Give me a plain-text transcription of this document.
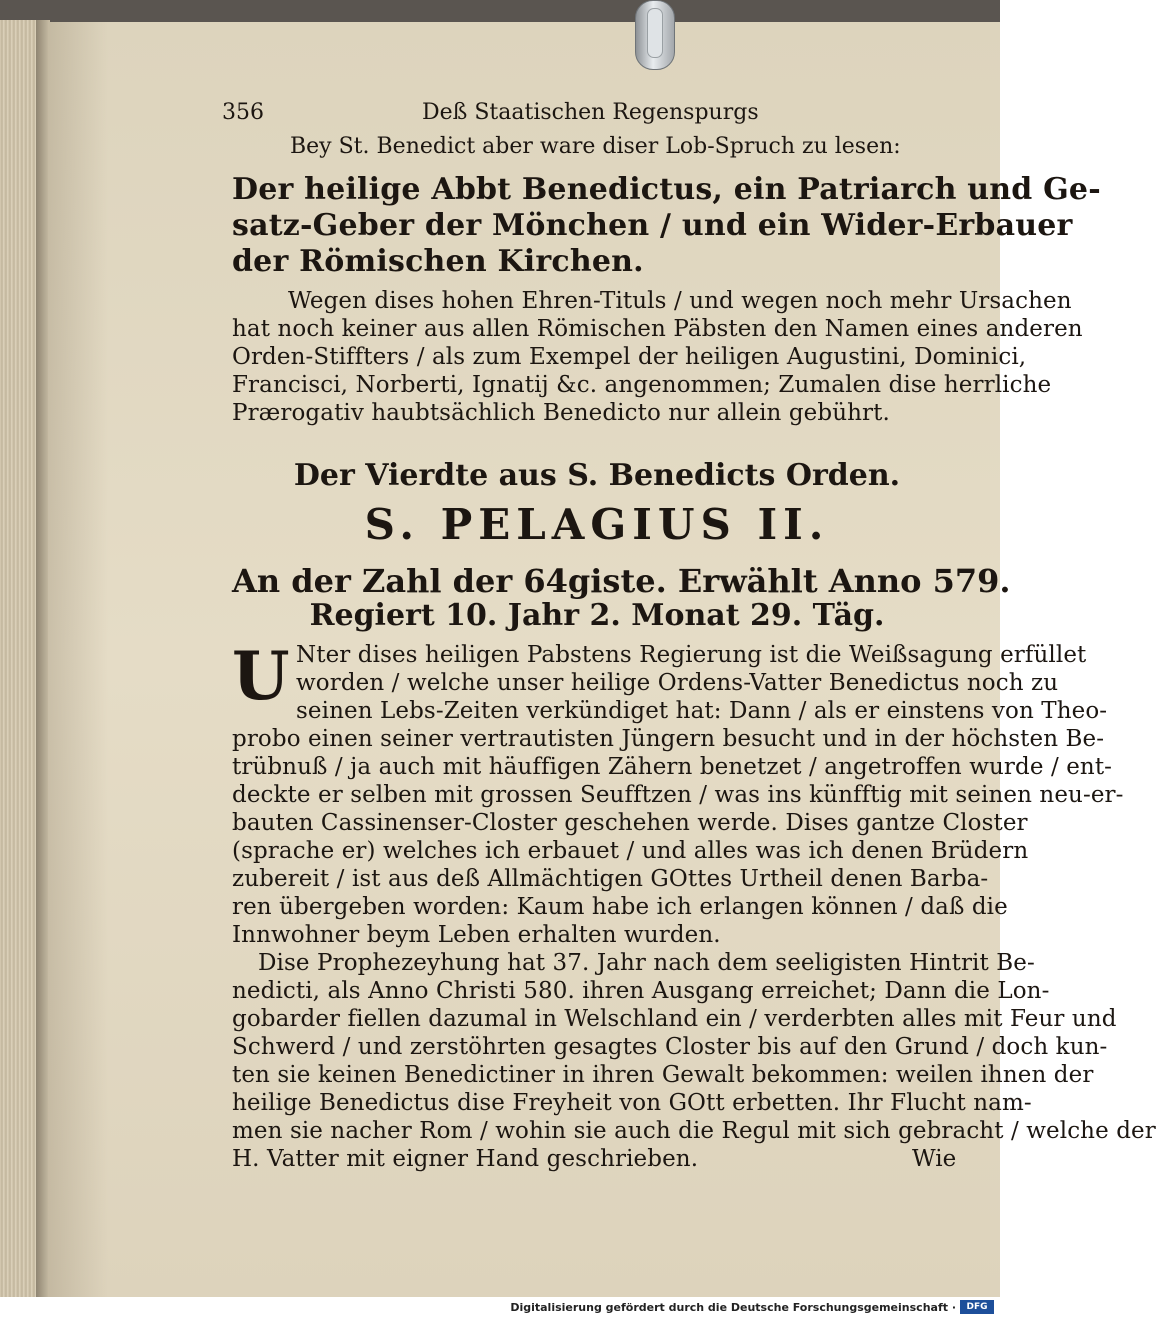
356	Deß Staatischen Regenspurgs
Bey St. Benedict aber ware diser Lob-Spruch zu lesen:
Der heilige Abbt Benedictus, ein Patriarch und Ge-
satz-Geber der Mönchen / und ein Wider-Erbauer
der Römischen Kirchen.
Wegen dises hohen Ehren-Tituls / und wegen noch mehr Ursachen
hat noch keiner aus allen Römischen Päbsten den Namen eines anderen
Orden-Stiffters / als zum Exempel der heiligen Augustini, Dominici,
Francisci, Norberti, Ignatij &c. angenommen; Zumalen dise herrliche
Prærogativ haubtsächlich Benedicto nur allein gebührt.
Der Vierdte aus S. Benedicts Orden.
S. PELAGIUS II.
An der Zahl der 64giste. Erwählt Anno 579.
Regiert 10. Jahr 2. Monat 29. Täg.
U Nter dises heiligen Pabstens Regierung ist die Weißsagung erfüllet
worden / welche unser heilige Ordens-Vatter Benedictus noch zu
seinen Lebs-Zeiten verkündiget hat: Dann / als er einstens von Theo-
probo einen seiner vertrautisten Jüngern besucht und in der höchsten Be-
trübnuß / ja auch mit häuffigen Zähern benetzet / angetroffen wurde / ent-
deckte er selben mit grossen Seufftzen / was ins künfftig mit seinen neu-er-
bauten Cassinenser-Closter geschehen werde. Dises gantze Closter
(sprache er) welches ich erbauet / und alles was ich denen Brüdern
zubereit / ist aus deß Allmächtigen GOttes Urtheil denen Barba-
ren übergeben worden: Kaum habe ich erlangen können / daß die
Innwohner beym Leben erhalten wurden.
Dise Prophezeyhung hat 37. Jahr nach dem seeligisten Hintrit Be-
nedicti, als Anno Christi 580. ihren Ausgang erreichet; Dann die Lon-
gobarder fiellen dazumal in Welschland ein / verderbten alles mit Feur und
Schwerd / und zerstöhrten gesagtes Closter bis auf den Grund / doch kun-
ten sie keinen Benedictiner in ihren Gewalt bekommen: weilen ihnen der
heilige Benedictus dise Freyheit von GOtt erbetten. Ihr Flucht nam-
men sie nacher Rom / wohin sie auch die Regul mit sich gebracht / welche der
H. Vatter mit eigner Hand geschrieben.	Wie
Digitalisierung gefördert durch die Deutsche Forschungsgemeinschaft ·	DFG
